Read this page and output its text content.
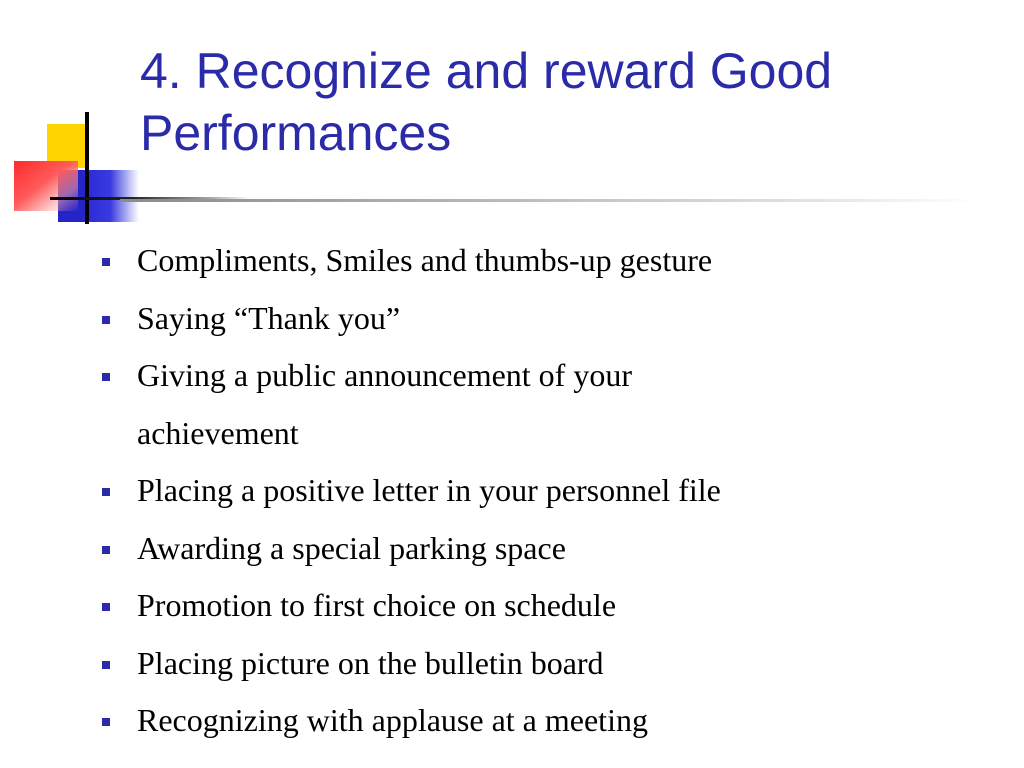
4. Recognize and reward Good Performances
Compliments, Smiles and thumbs-up gesture
Saying “Thank you”
Giving a public announcement of your achievement
Placing a positive letter in your personnel file
Awarding a special parking space
Promotion to first choice on schedule
Placing picture on the bulletin board
Recognizing with applause at a meeting
